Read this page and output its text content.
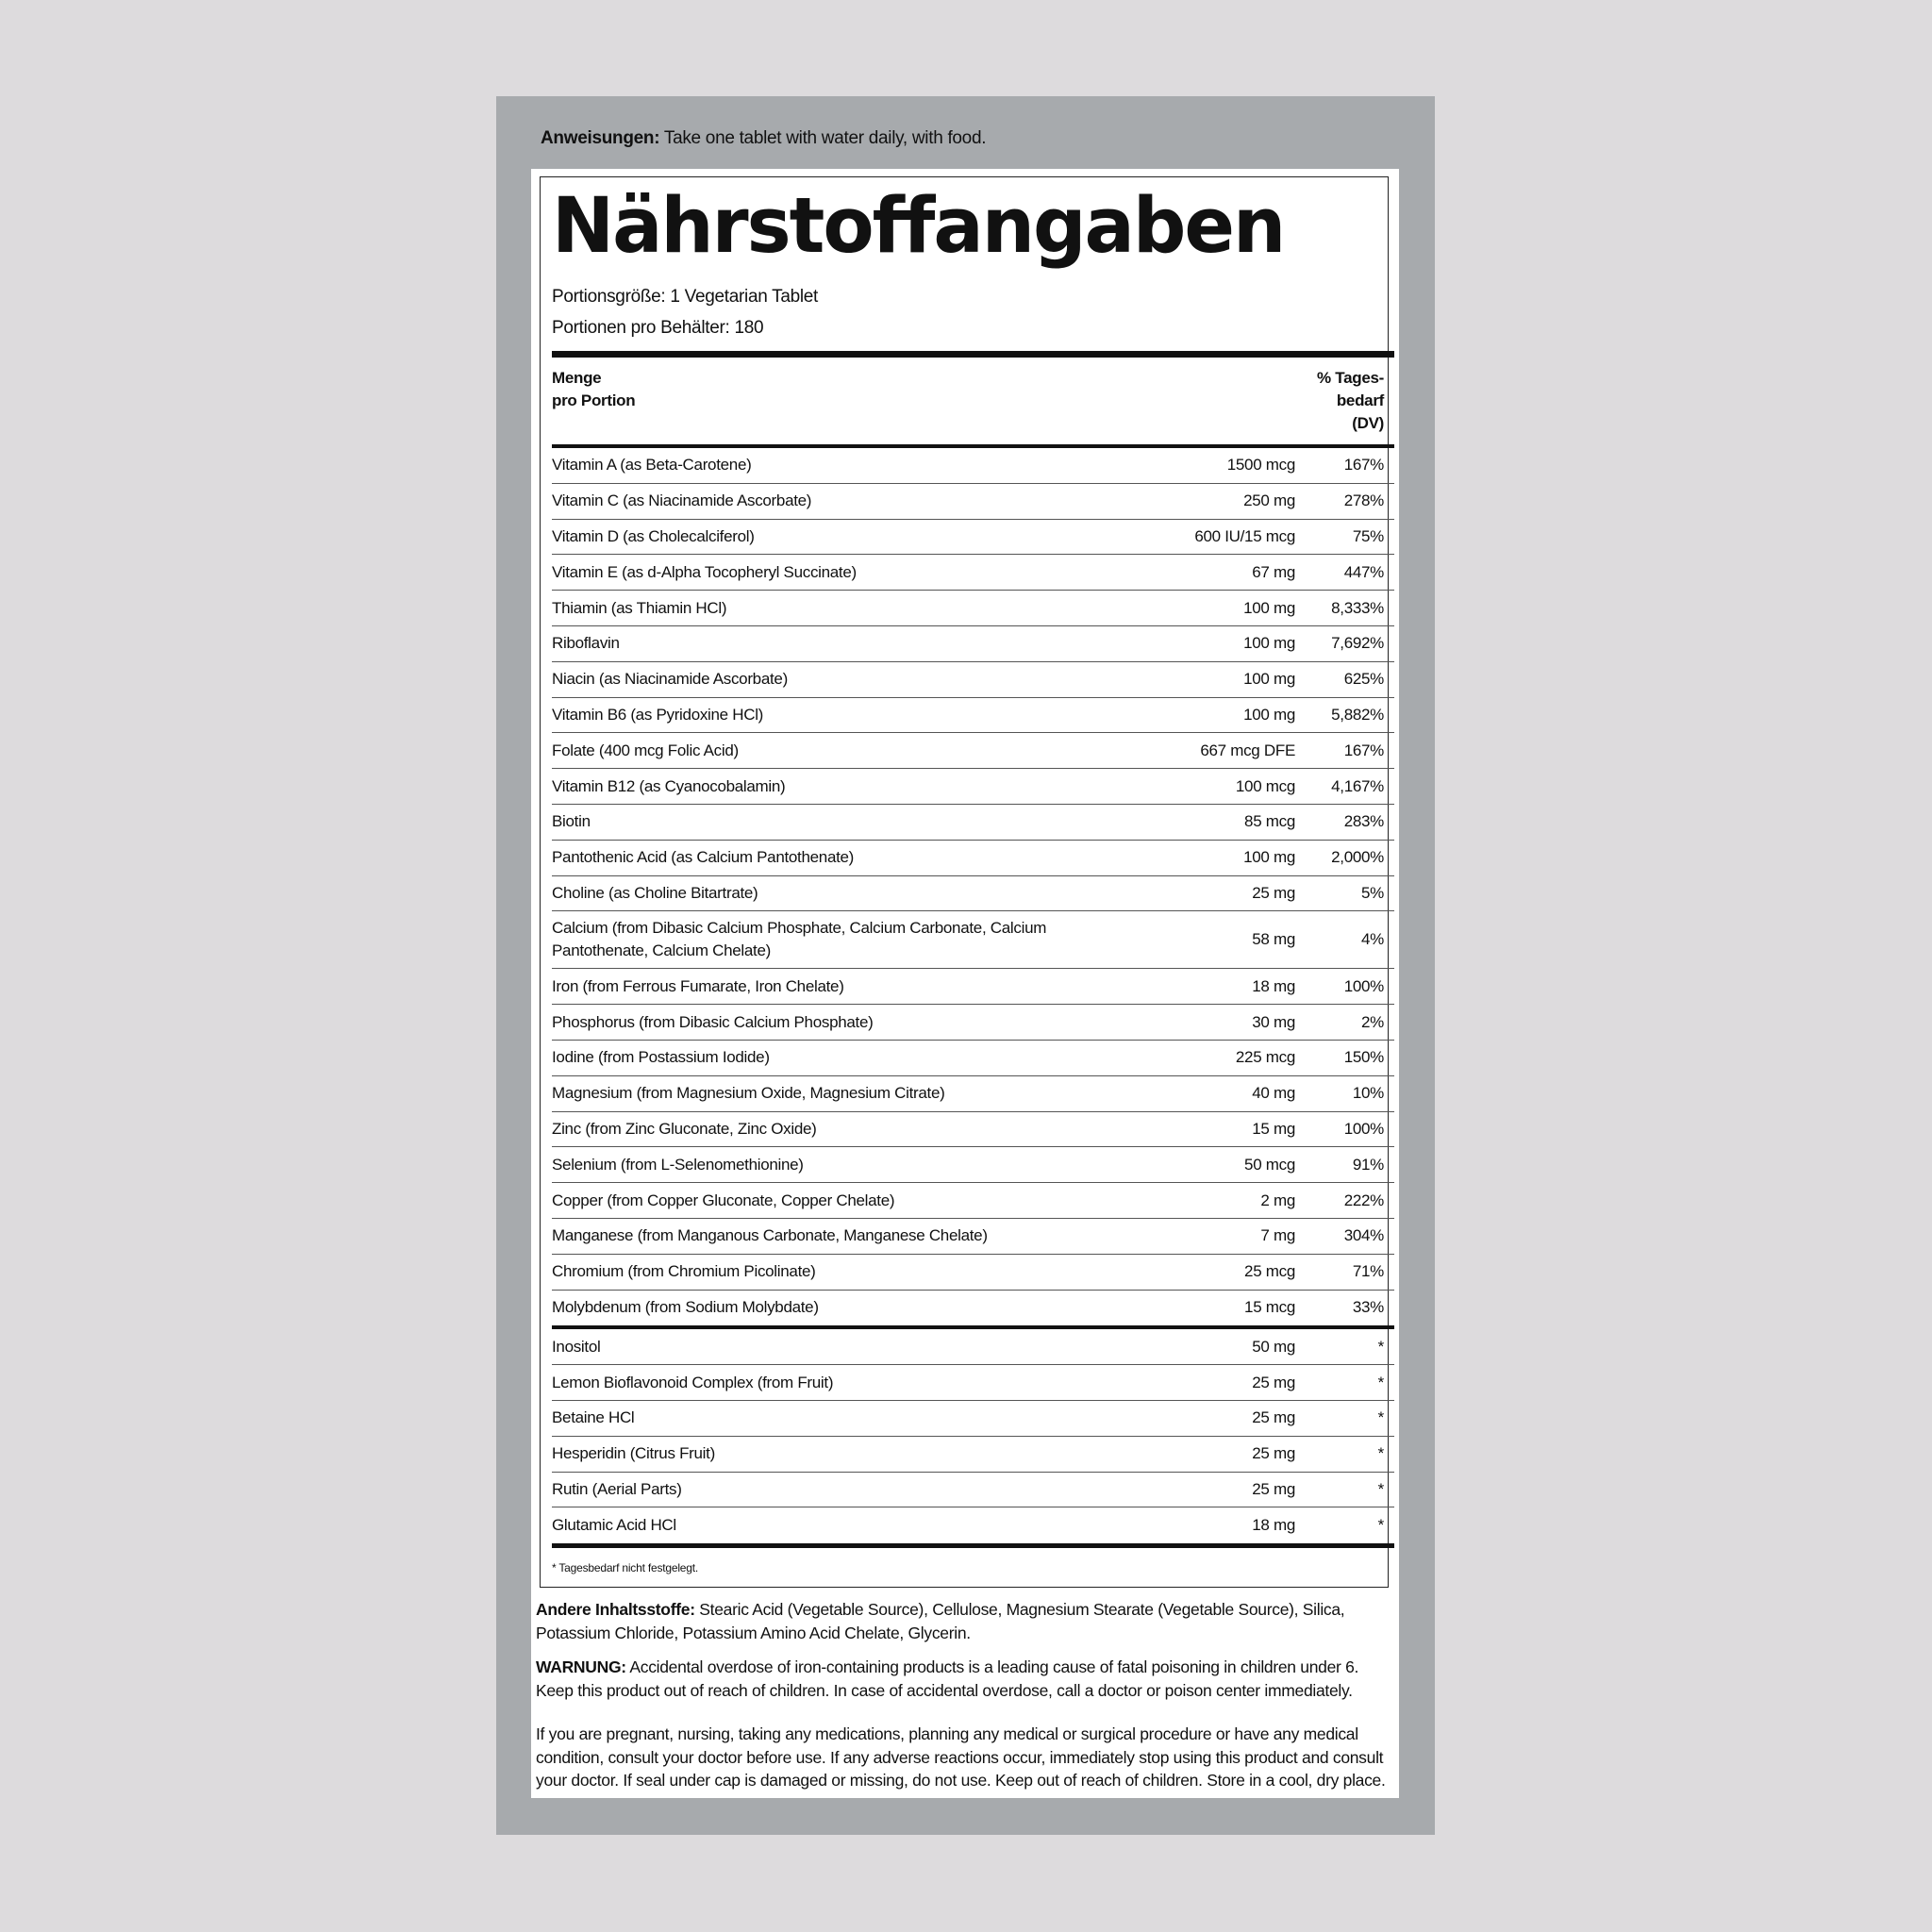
Anweisungen: Take one tablet with water daily, with food.
Nährstoffangaben
Portionsgröße: 1 Vegetarian Tablet
Portionen pro Behälter: 180
Menge
pro Portion
% Tages-
bedarf
(DV)
Vitamin A (as Beta-Carotene)	1500 mcg	167%
Vitamin C (as Niacinamide Ascorbate)	250 mg	278%
Vitamin D (as Cholecalciferol)	600 IU/15 mcg	75%
Vitamin E (as d-Alpha Tocopheryl Succinate)	67 mg	447%
Thiamin (as Thiamin HCl)	100 mg	8,333%
Riboflavin	100 mg	7,692%
Niacin (as Niacinamide Ascorbate)	100 mg	625%
Vitamin B6 (as Pyridoxine HCl)	100 mg	5,882%
Folate (400 mcg Folic Acid)	667 mcg DFE	167%
Vitamin B12 (as Cyanocobalamin)	100 mcg	4,167%
Biotin	85 mcg	283%
Pantothenic Acid (as Calcium Pantothenate)	100 mg	2,000%
Choline (as Choline Bitartrate)	25 mg	5%
Calcium (from Dibasic Calcium Phosphate, Calcium Carbonate, Calcium
Pantothenate, Calcium Chelate)
58 mg	4%
Iron (from Ferrous Fumarate, Iron Chelate)	18 mg	100%
Phosphorus (from Dibasic Calcium Phosphate)	30 mg	2%
Iodine (from Postassium Iodide)	225 mcg	150%
Magnesium (from Magnesium Oxide, Magnesium Citrate)	40 mg	10%
Zinc (from Zinc Gluconate, Zinc Oxide)	15 mg	100%
Selenium (from L-Selenomethionine)	50 mcg	91%
Copper (from Copper Gluconate, Copper Chelate)	2 mg	222%
Manganese (from Manganous Carbonate, Manganese Chelate)	7 mg	304%
Chromium (from Chromium Picolinate)	25 mcg	71%
Molybdenum (from Sodium Molybdate)	15 mcg	33%
Inositol	50 mg	*
Lemon Bioflavonoid Complex (from Fruit)	25 mg	*
Betaine HCl	25 mg	*
Hesperidin (Citrus Fruit)	25 mg	*
Rutin (Aerial Parts)	25 mg	*
Glutamic Acid HCl	18 mg	*
* Tagesbedarf nicht festgelegt.

Andere Inhaltsstoffe: Stearic Acid (Vegetable Source), Cellulose, Magnesium Stearate (Vegetable Source), Silica, Potassium Chloride, Potassium Amino Acid Chelate, Glycerin.

WARNUNG: Accidental overdose of iron-containing products is a leading cause of fatal poisoning in children under 6. Keep this product out of reach of children. In case of accidental overdose, call a doctor or poison center immediately.

If you are pregnant, nursing, taking any medications, planning any medical or surgical procedure or have any medical condition, consult your doctor before use. If any adverse reactions occur, immediately stop using this product and consult your doctor. If seal under cap is damaged or missing, do not use. Keep out of reach of children. Store in a cool, dry place.
